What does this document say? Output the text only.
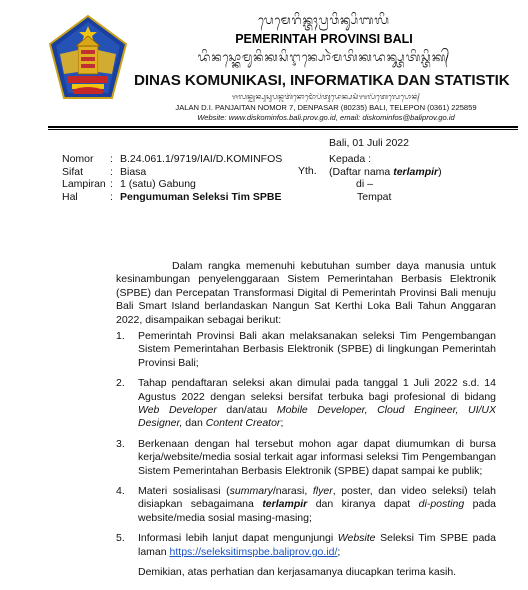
ᬧᬾᬫᬾᬭᬶᬦ᭄ᬢᬄᬧ᭄ᬭᬯᬶᬦ᭄ᬲᬶᬩᬮᬶ
PEMERINTAH PROVINSI BALI
ᬤᬶᬦᬲ᭄ᬓᭀᬫᬸᬦᬶᬓᬲᬶᬇᬦ᭄ᬧᭀᬃᬫᬢᬶᬓᬤᬦ᭄ᬲ᭄ᬢᬢᬶᬲ᭄ᬢᬶᬓ᭄
DINAS KOMUNIKASI, INFORMATIKA DAN STATISTIK
ᬚᬮᬦ᭄ᬤ᭄ᬬᬦ᭄ᬧᬸᬲᬸᬧᬦ᭄ᬚᬢᬶᬦᭀᬫᭀᬃᬧᬶᬢᬸᬤᬾᬦ᭄ᬧᬲᬃᬩᬮᬶᬢᬾᬮᬾᬧᭀᬦ᭄
JALAN D.I. PANJAITAN NOMOR 7, DENPASAR (80235) BALI, TELEPON (0361) 225859
Website: www.diskominfos.bali.prov.go.id, email: diskominfos@baliprov.go.id
Bali, 01 Juli 2022
Nomor	: B.24.061.1/9719/IAI/D.KOMINFOS
Sifat	: Biasa
Lampiran : 1 (satu) Gabung
Hal	: Pengumuman Seleksi Tim SPBE
Yth.
Kepada :
(Daftar nama terlampir)
di –
Tempat

Dalam rangka memenuhi kebutuhan sumber daya manusia untuk kesinambungan penyelenggaraan Sistem Pemerintahan Berbasis Elektronik (SPBE) dan Percepatan Transformasi Digital di Pemerintah Provinsi Bali menuju Bali Smart Island berlandaskan Nangun Sat Kerthi Loka Bali Tahun Anggaran 2022, disampaikan sebagai berikut:

1.	Pemerintah Provinsi Bali akan melaksanakan seleksi Tim Pengembangan Sistem Pemerintahan Berbasis Elektronik (SPBE) di lingkungan Pemerintah Provinsi Bali;
2.	Tahap pendaftaran seleksi akan dimulai pada tanggal 1 Juli 2022 s.d. 14 Agustus 2022 dengan seleksi bersifat terbuka bagi profesional di bidang Web Developer dan/atau Mobile Developer, Cloud Engineer, UI/UX Designer, dan Content Creator;
3.	Berkenaan dengan hal tersebut mohon agar dapat diumumkan di bursa kerja/website/media sosial terkait agar informasi seleksi Tim Pengembangan Sistem Pemerintahan Berbasis Elektronik (SPBE) dapat sampai ke publik;
4.	Materi sosialisasi (summary/narasi, flyer, poster, dan video seleksi) telah disiapkan sebagaimana terlampir dan kiranya dapat di-posting pada website/media sosial masing-masing;
5.	Informasi lebih lanjut dapat mengunjungi Website Seleksi Tim SPBE pada laman https://seleksitimspbe.baliprov.go.id/;
Demikian, atas perhatian dan kerjasamanya diucapkan terima kasih.
